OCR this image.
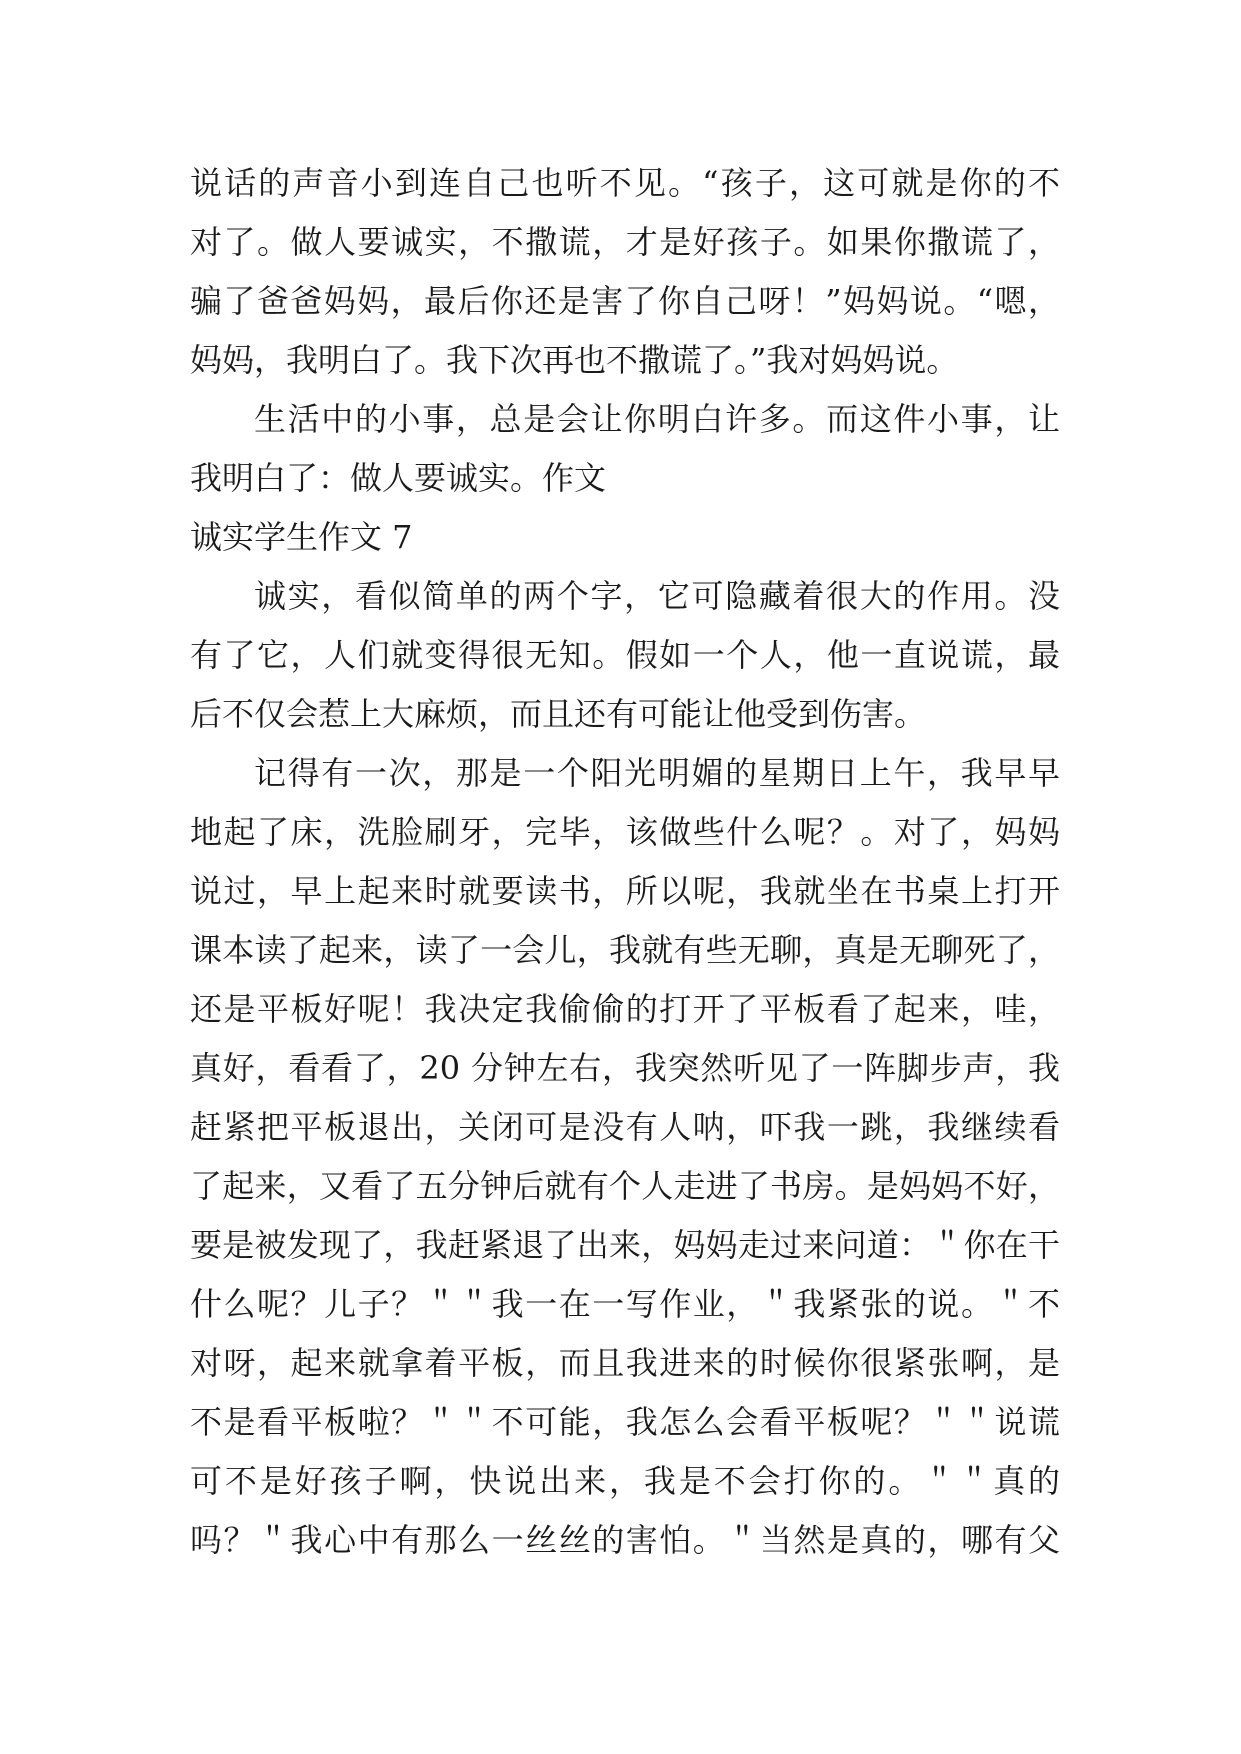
说话的声音小到连自己也听不见。“孩子，这可就是你的不
对了。做人要诚实，不撒谎，才是好孩子。如果你撒谎了，
骗了爸爸妈妈，最后你还是害了你自己呀！”妈妈说。“嗯，
妈妈，我明白了。我下次再也不撒谎了。”我对妈妈说。
生活中的小事，总是会让你明白许多。而这件小事，让
我明白了：做人要诚实。作文
诚实学生作文 7
诚实，看似简单的两个字，它可隐藏着很大的作用。没
有了它，人们就变得很无知。假如一个人，他一直说谎，最
后不仅会惹上大麻烦，而且还有可能让他受到伤害。
记得有一次，那是一个阳光明媚的星期日上午，我早早
地起了床，洗脸刷牙，完毕，该做些什么呢？。对了，妈妈
说过，早上起来时就要读书，所以呢，我就坐在书桌上打开
课本读了起来，读了一会儿，我就有些无聊，真是无聊死了，
还是平板好呢！我决定我偷偷的打开了平板看了起来，哇，
真好，看看了，20 分钟左右，我突然听见了一阵脚步声，我
赶紧把平板退出，关闭可是没有人呐，吓我一跳，我继续看
了起来，又看了五分钟后就有个人走进了书房。是妈妈不好，
要是被发现了，我赶紧退了出来，妈妈走过来问道：＂你在干
什么呢？儿子？＂＂我一在一写作业，＂我紧张的说。＂不
对呀，起来就拿着平板，而且我进来的时候你很紧张啊，是
不是看平板啦？＂＂不可能，我怎么会看平板呢？＂＂说谎
可不是好孩子啊，快说出来，我是不会打你的。＂＂真的
吗？＂我心中有那么一丝丝的害怕。＂当然是真的，哪有父
